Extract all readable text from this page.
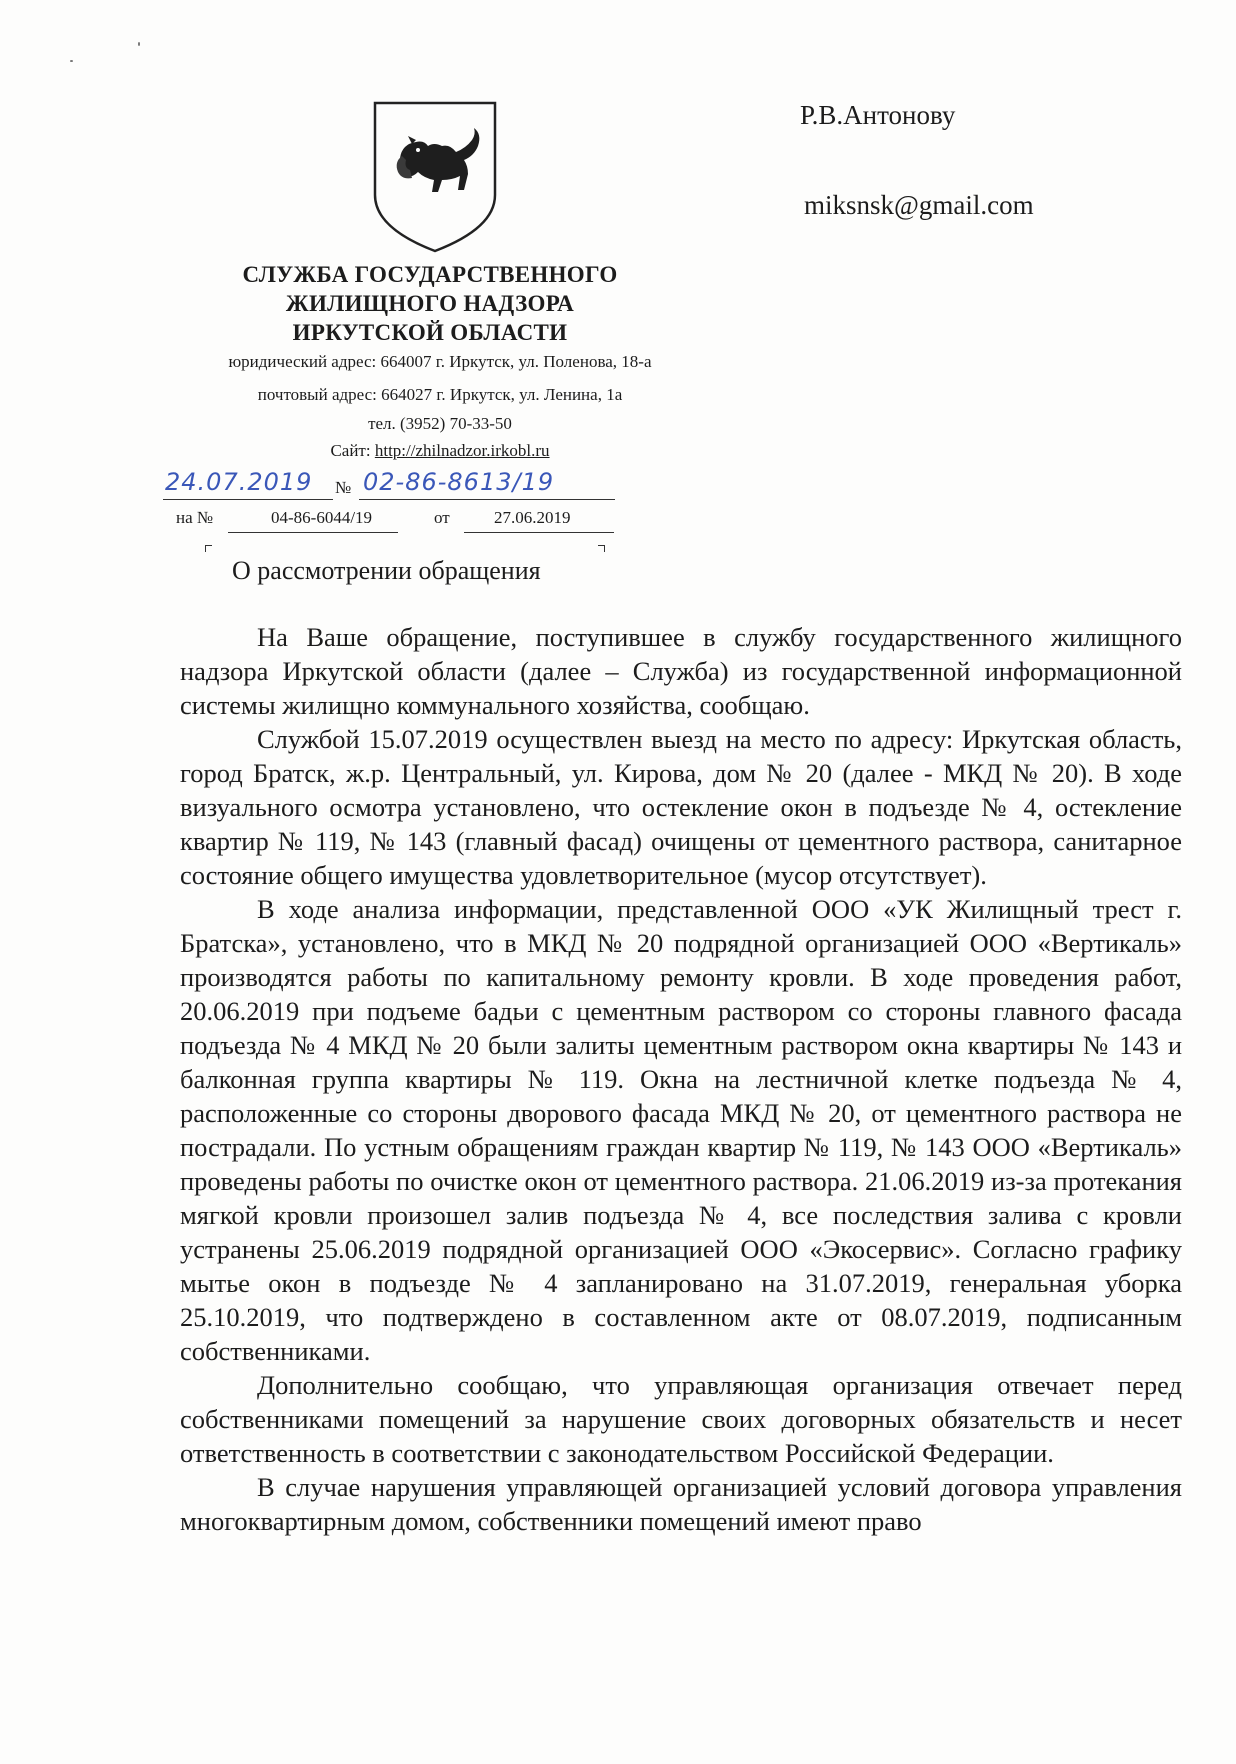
Р.В.Антонову
miksnsk@gmail.com
СЛУЖБА ГОСУДАРСТВЕННОГО
ЖИЛИЩНОГО НАДЗОРА
ИРКУТСКОЙ ОБЛАСТИ
юридический адрес: 664007 г. Иркутск, ул. Поленова, 18-а
почтовый адрес: 664027 г. Иркутск, ул. Ленина, 1а
тел. (3952) 70-33-50
Сайт: http://zhilnadzor.irkobl.ru
24.07.2019 № 02-86-8613/19
на №	04-86-6044/19	от	27.06.2019
О рассмотрении обращения

На Ваше обращение, поступившее в службу государственного жилищного надзора Иркутской области (далее – Служба) из государственной информационной системы жилищно коммунального хозяйства, сообщаю.

Службой 15.07.2019 осуществлен выезд на место по адресу: Иркутская область, город Братск, ж.р. Центральный, ул. Кирова, дом № 20 (далее - МКД № 20). В ходе визуального осмотра установлено, что остекление окон в подъезде № 4, остекление квартир № 119, № 143 (главный фасад) очищены от цементного раствора, санитарное состояние общего имущества удовлетворительное (мусор отсутствует).

В ходе анализа информации, представленной ООО «УК Жилищный трест г. Братска», установлено, что в МКД № 20 подрядной организацией ООО «Вертикаль» производятся работы по капитальному ремонту кровли. В ходе проведения работ, 20.06.2019 при подъеме бадьи с цементным раствором со стороны главного фасада подъезда № 4 МКД № 20 были залиты цементным раствором окна квартиры № 143 и балконная группа квартиры № 119. Окна на лестничной клетке подъезда № 4, расположенные со стороны дворового фасада МКД № 20, от цементного раствора не пострадали. По устным обращениям граждан квартир № 119, № 143 ООО «Вертикаль» проведены работы по очистке окон от цементного раствора. 21.06.2019 из-за протекания мягкой кровли произошел залив подъезда № 4, все последствия залива с кровли устранены 25.06.2019 подрядной организацией ООО «Экосервис». Согласно графику мытье окон в подъезде № 4 запланировано на 31.07.2019, генеральная уборка 25.10.2019, что подтверждено в составленном акте от 08.07.2019, подписанным собственниками.

Дополнительно сообщаю, что управляющая организация отвечает перед собственниками помещений за нарушение своих договорных обязательств и несет ответственность в соответствии с законодательством Российской Федерации.

В случае нарушения управляющей организацией условий договора управления многоквартирным домом, собственники помещений имеют право
